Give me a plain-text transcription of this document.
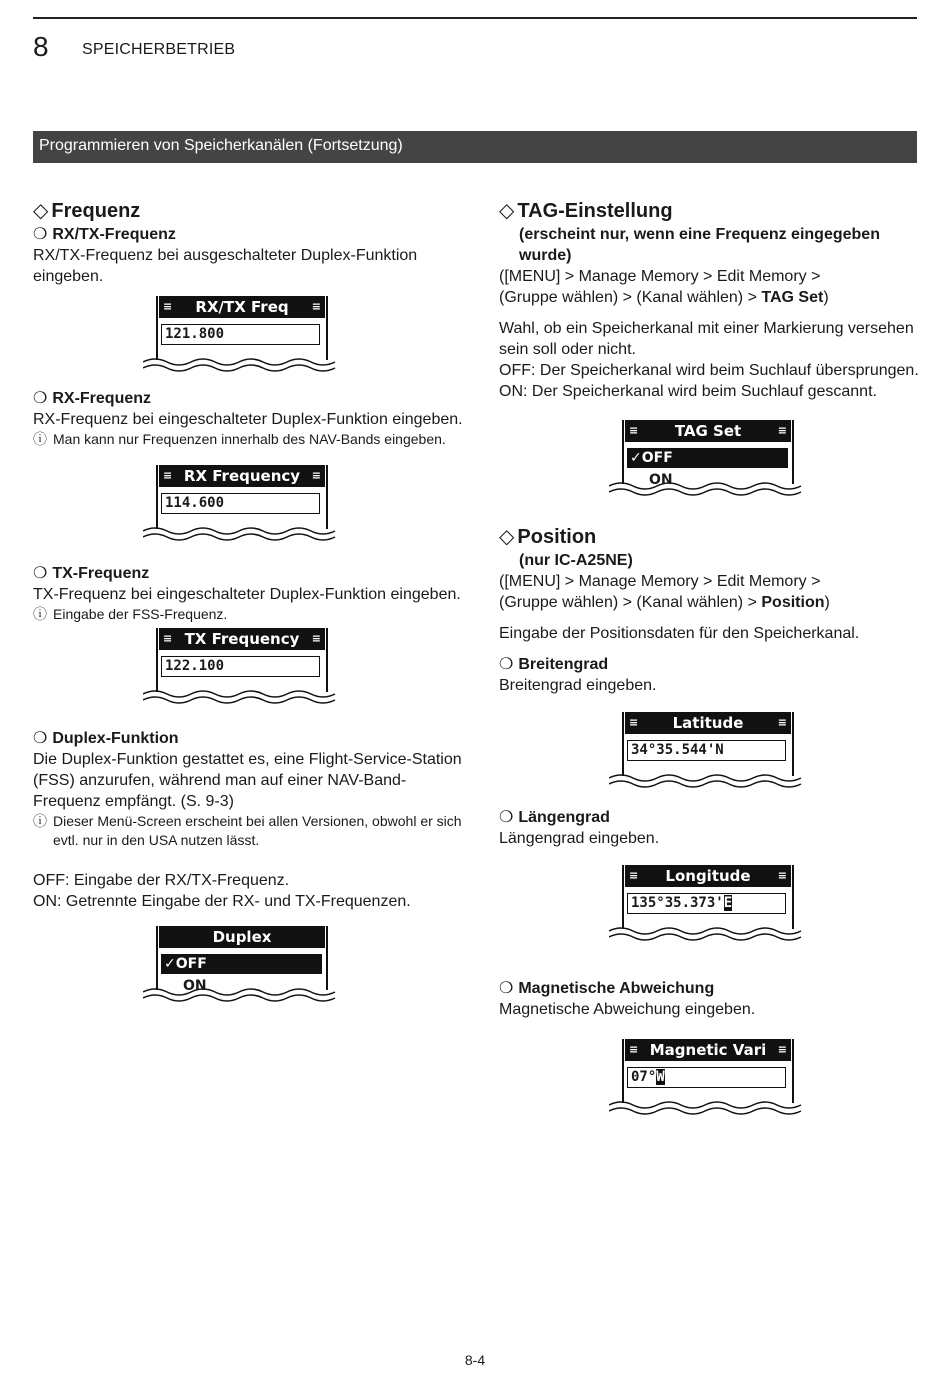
8 SPEICHERBETRIEB
Programmieren von Speicherkanälen (Fortsetzung)
◇ Frequenz
❍ RX/TX-Frequenz

RX/TX-Frequenz bei ausgeschalteter Duplex-Funktion eingeben.

≡ RX/TX Freq ≡
121.800
❍ RX-Frequenz

RX-Frequenz bei eingeschalteter Duplex-Funktion eingeben.

ⓘ Man kann nur Frequenzen innerhalb des NAV-Bands eingeben.
≡ RX Frequency ≡
114.600
❍ TX-Frequenz

TX-Frequenz bei eingeschalteter Duplex-Funktion eingeben.

ⓘ Eingabe der FSS-Frequenz.
≡ TX Frequency ≡
122.100
❍ Duplex-Funktion

Die Duplex-Funktion gestattet es, eine Flight-Service-Station (FSS) anzurufen, während man auf einer NAV-Band-Frequenz empfängt. (S. 9-3)

ⓘ Dieser Menü-Screen erscheint bei allen Versionen, obwohl er sich evtl. nur in den USA nutzen lässt.
OFF: Eingabe der RX/TX-Frequenz.
ON: Getrennte Eingabe der RX- und TX-Frequenzen.
Duplex
✓OFF
ON
◇ TAG-Einstellung
(erscheint nur, wenn eine Frequenz eingegeben wurde)
([MENU] > Manage Memory > Edit Memory >
(Gruppe wählen) > (Kanal wählen) > TAG Set)

Wahl, ob ein Speicherkanal mit einer Markierung versehen sein soll oder nicht.

OFF: Der Speicherkanal wird beim Suchlauf übersprungen.
ON: Der Speicherkanal wird beim Suchlauf gescannt.
≡ TAG Set	≡
✓OFF
ON
◇ Position
(nur IC-A25NE)
([MENU] > Manage Memory > Edit Memory >
(Gruppe wählen) > (Kanal wählen) > Position)

Eingabe der Positionsdaten für den Speicherkanal.

❍ Breitengrad
Breitengrad eingeben.
≡ Latitude	≡
34°35.544'N
❍ Längengrad
Längengrad eingeben.
≡ Longitude ≡
135°35.373'E
❍ Magnetische Abweichung
Magnetische Abweichung eingeben.
≡ Magnetic Vari ≡
07°W
8-4
